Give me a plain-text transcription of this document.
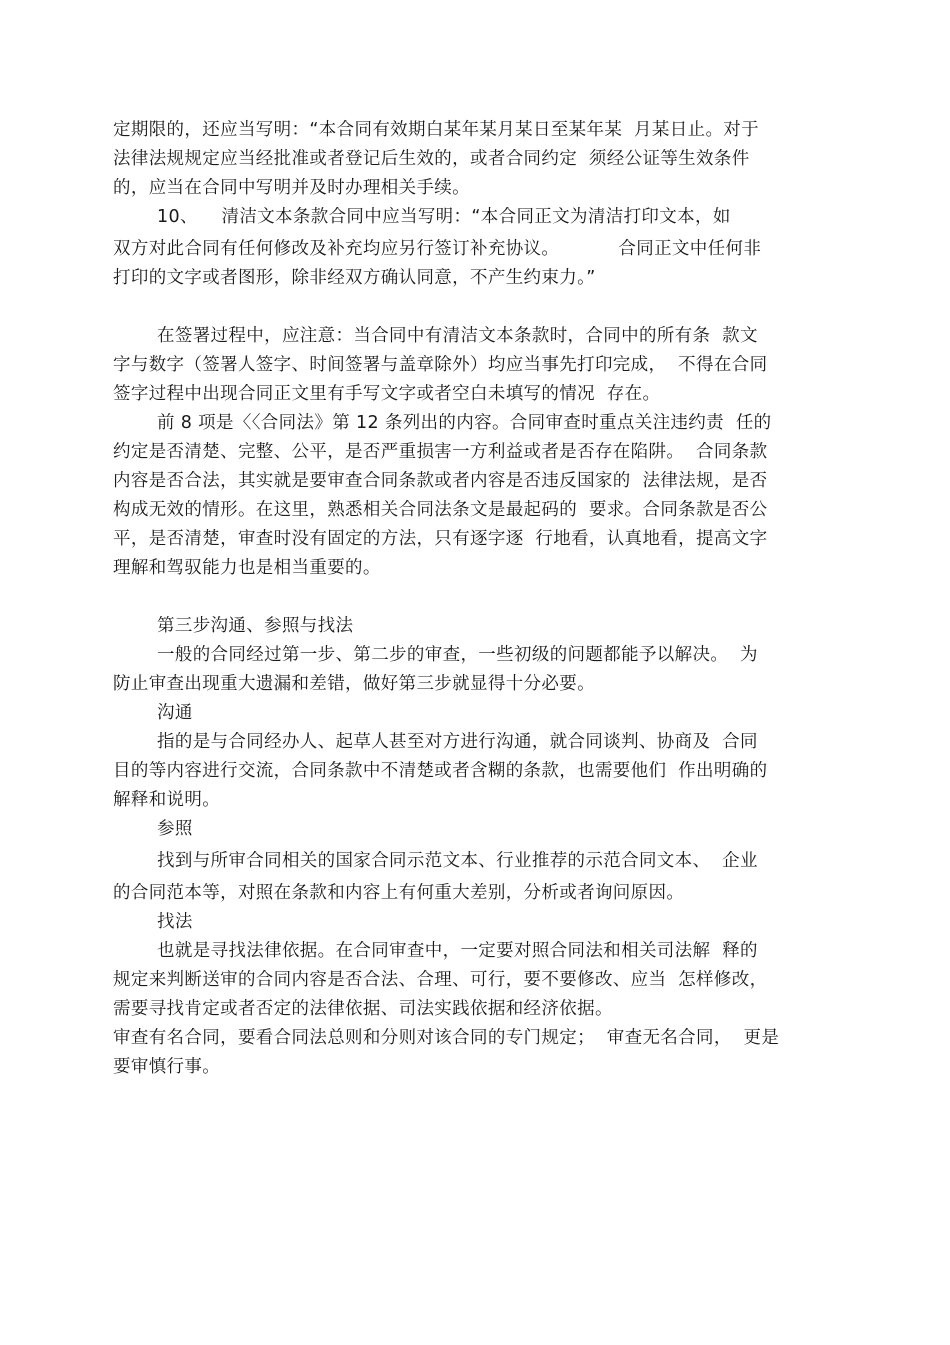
定期限的，还应当写明：“本合同有效期白某年某月某日至某年某  月某日止。对于
法律法规规定应当经批准或者登记后生效的，或者合同约定  须经公证等生效条件
的，应当在合同中写明并及时办理相关手续。
10、    清洁文本条款合同中应当写明：“本合同正文为清洁打印文本，如
双方对此合同有任何修改及补充均应另行签订补充协议。          合同正文中任何非
打印的文字或者图形，除非经双方确认同意，不产生约束力。”
在签署过程中，应注意：当合同中有清洁文本条款时，合同中的所有条  款文
字与数字（签署人签字、时间签署与盖章除外）均应当事先打印完成，  不得在合同
签字过程中出现合同正文里有手写文字或者空白未填写的情况  存在。
前 8 项是〈〈合同法》第 12 条列出的内容。合同审查时重点关注违约责  任的
约定是否清楚、完整、公平，是否严重损害一方利益或者是否存在陷阱。  合同条款
内容是否合法，其实就是要审查合同条款或者内容是否违反国家的  法律法规，是否
构成无效的情形。在这里，熟悉相关合同法条文是最起码的  要求。合同条款是否公
平，是否清楚，审查时没有固定的方法，只有逐字逐  行地看，认真地看，提高文字
理解和驾驭能力也是相当重要的。
第三步沟通、参照与找法
一般的合同经过第一步、第二步的审查，一些初级的问题都能予以解决。  为
防止审查出现重大遗漏和差错，做好第三步就显得十分必要。
沟通
指的是与合同经办人、起草人甚至对方进行沟通，就合同谈判、协商及  合同
目的等内容进行交流，合同条款中不清楚或者含糊的条款，也需要他们  作出明确的
解释和说明。
参照
找到与所审合同相关的国家合同示范文本、行业推荐的示范合同文本、  企业
的合同范本等，对照在条款和内容上有何重大差别，分析或者询问原因。
找法
也就是寻找法律依据。在合同审查中，一定要对照合同法和相关司法解  释的
规定来判断送审的合同内容是否合法、合理、可行，要不要修改、应当  怎样修改，
需要寻找肯定或者否定的法律依据、司法实践依据和经济依据。
审查有名合同，要看合同法总则和分则对该合同的专门规定；  审查无名合同，  更是
要审慎行事。
